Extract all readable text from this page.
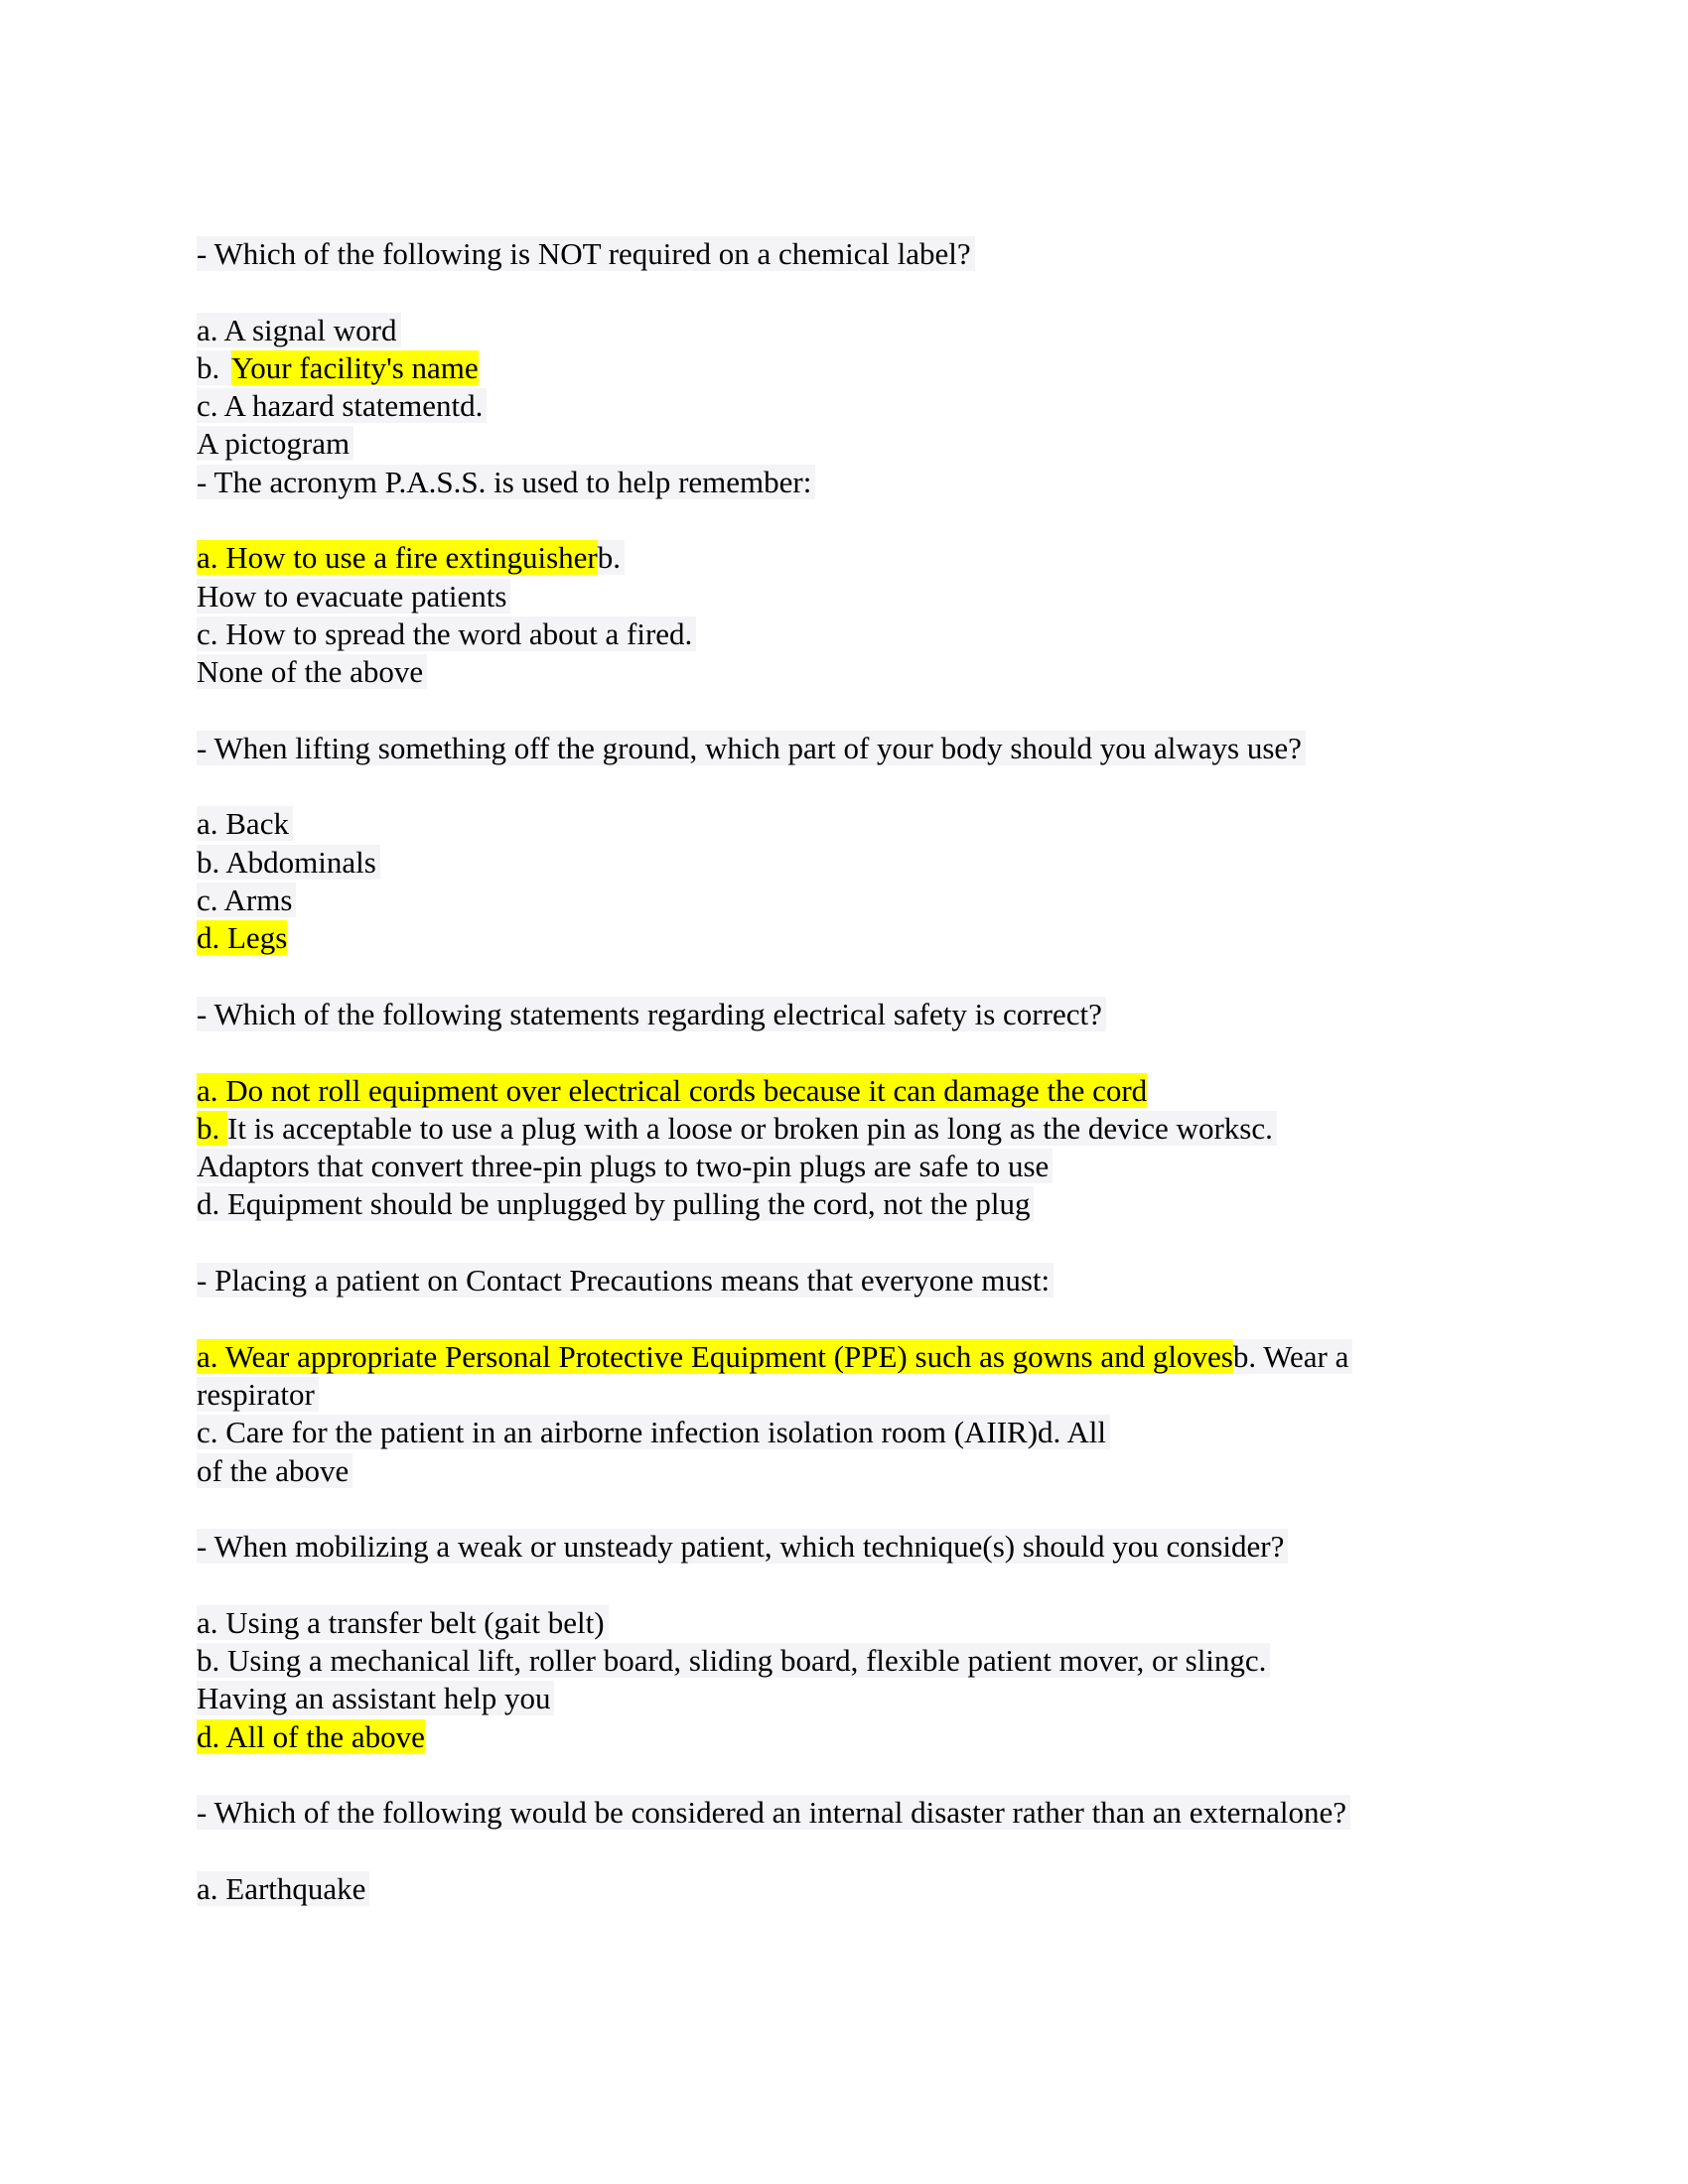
- Which of the following is NOT required on a chemical label?
a. A signal word
b. Your facility's name
c. A hazard statementd.
A pictogram
- The acronym P.A.S.S. is used to help remember:
a. How to use a fire extinguisherb.
How to evacuate patients
c. How to spread the word about a fired.
None of the above
- When lifting something off the ground, which part of your body should you always use?
a. Back
b. Abdominals
c. Arms
d. Legs
- Which of the following statements regarding electrical safety is correct?
a. Do not roll equipment over electrical cords because it can damage the cord
b. It is acceptable to use a plug with a loose or broken pin as long as the device worksc.
Adaptors that convert three-pin plugs to two-pin plugs are safe to use
d. Equipment should be unplugged by pulling the cord, not the plug
- Placing a patient on Contact Precautions means that everyone must:
a. Wear appropriate Personal Protective Equipment (PPE) such as gowns and glovesb. Wear a
respirator
c. Care for the patient in an airborne infection isolation room (AIIR)d. All
of the above
- When mobilizing a weak or unsteady patient, which technique(s) should you consider?
a. Using a transfer belt (gait belt)
b. Using a mechanical lift, roller board, sliding board, flexible patient mover, or slingc.
Having an assistant help you
d. All of the above
- Which of the following would be considered an internal disaster rather than an externalone?
a. Earthquake
